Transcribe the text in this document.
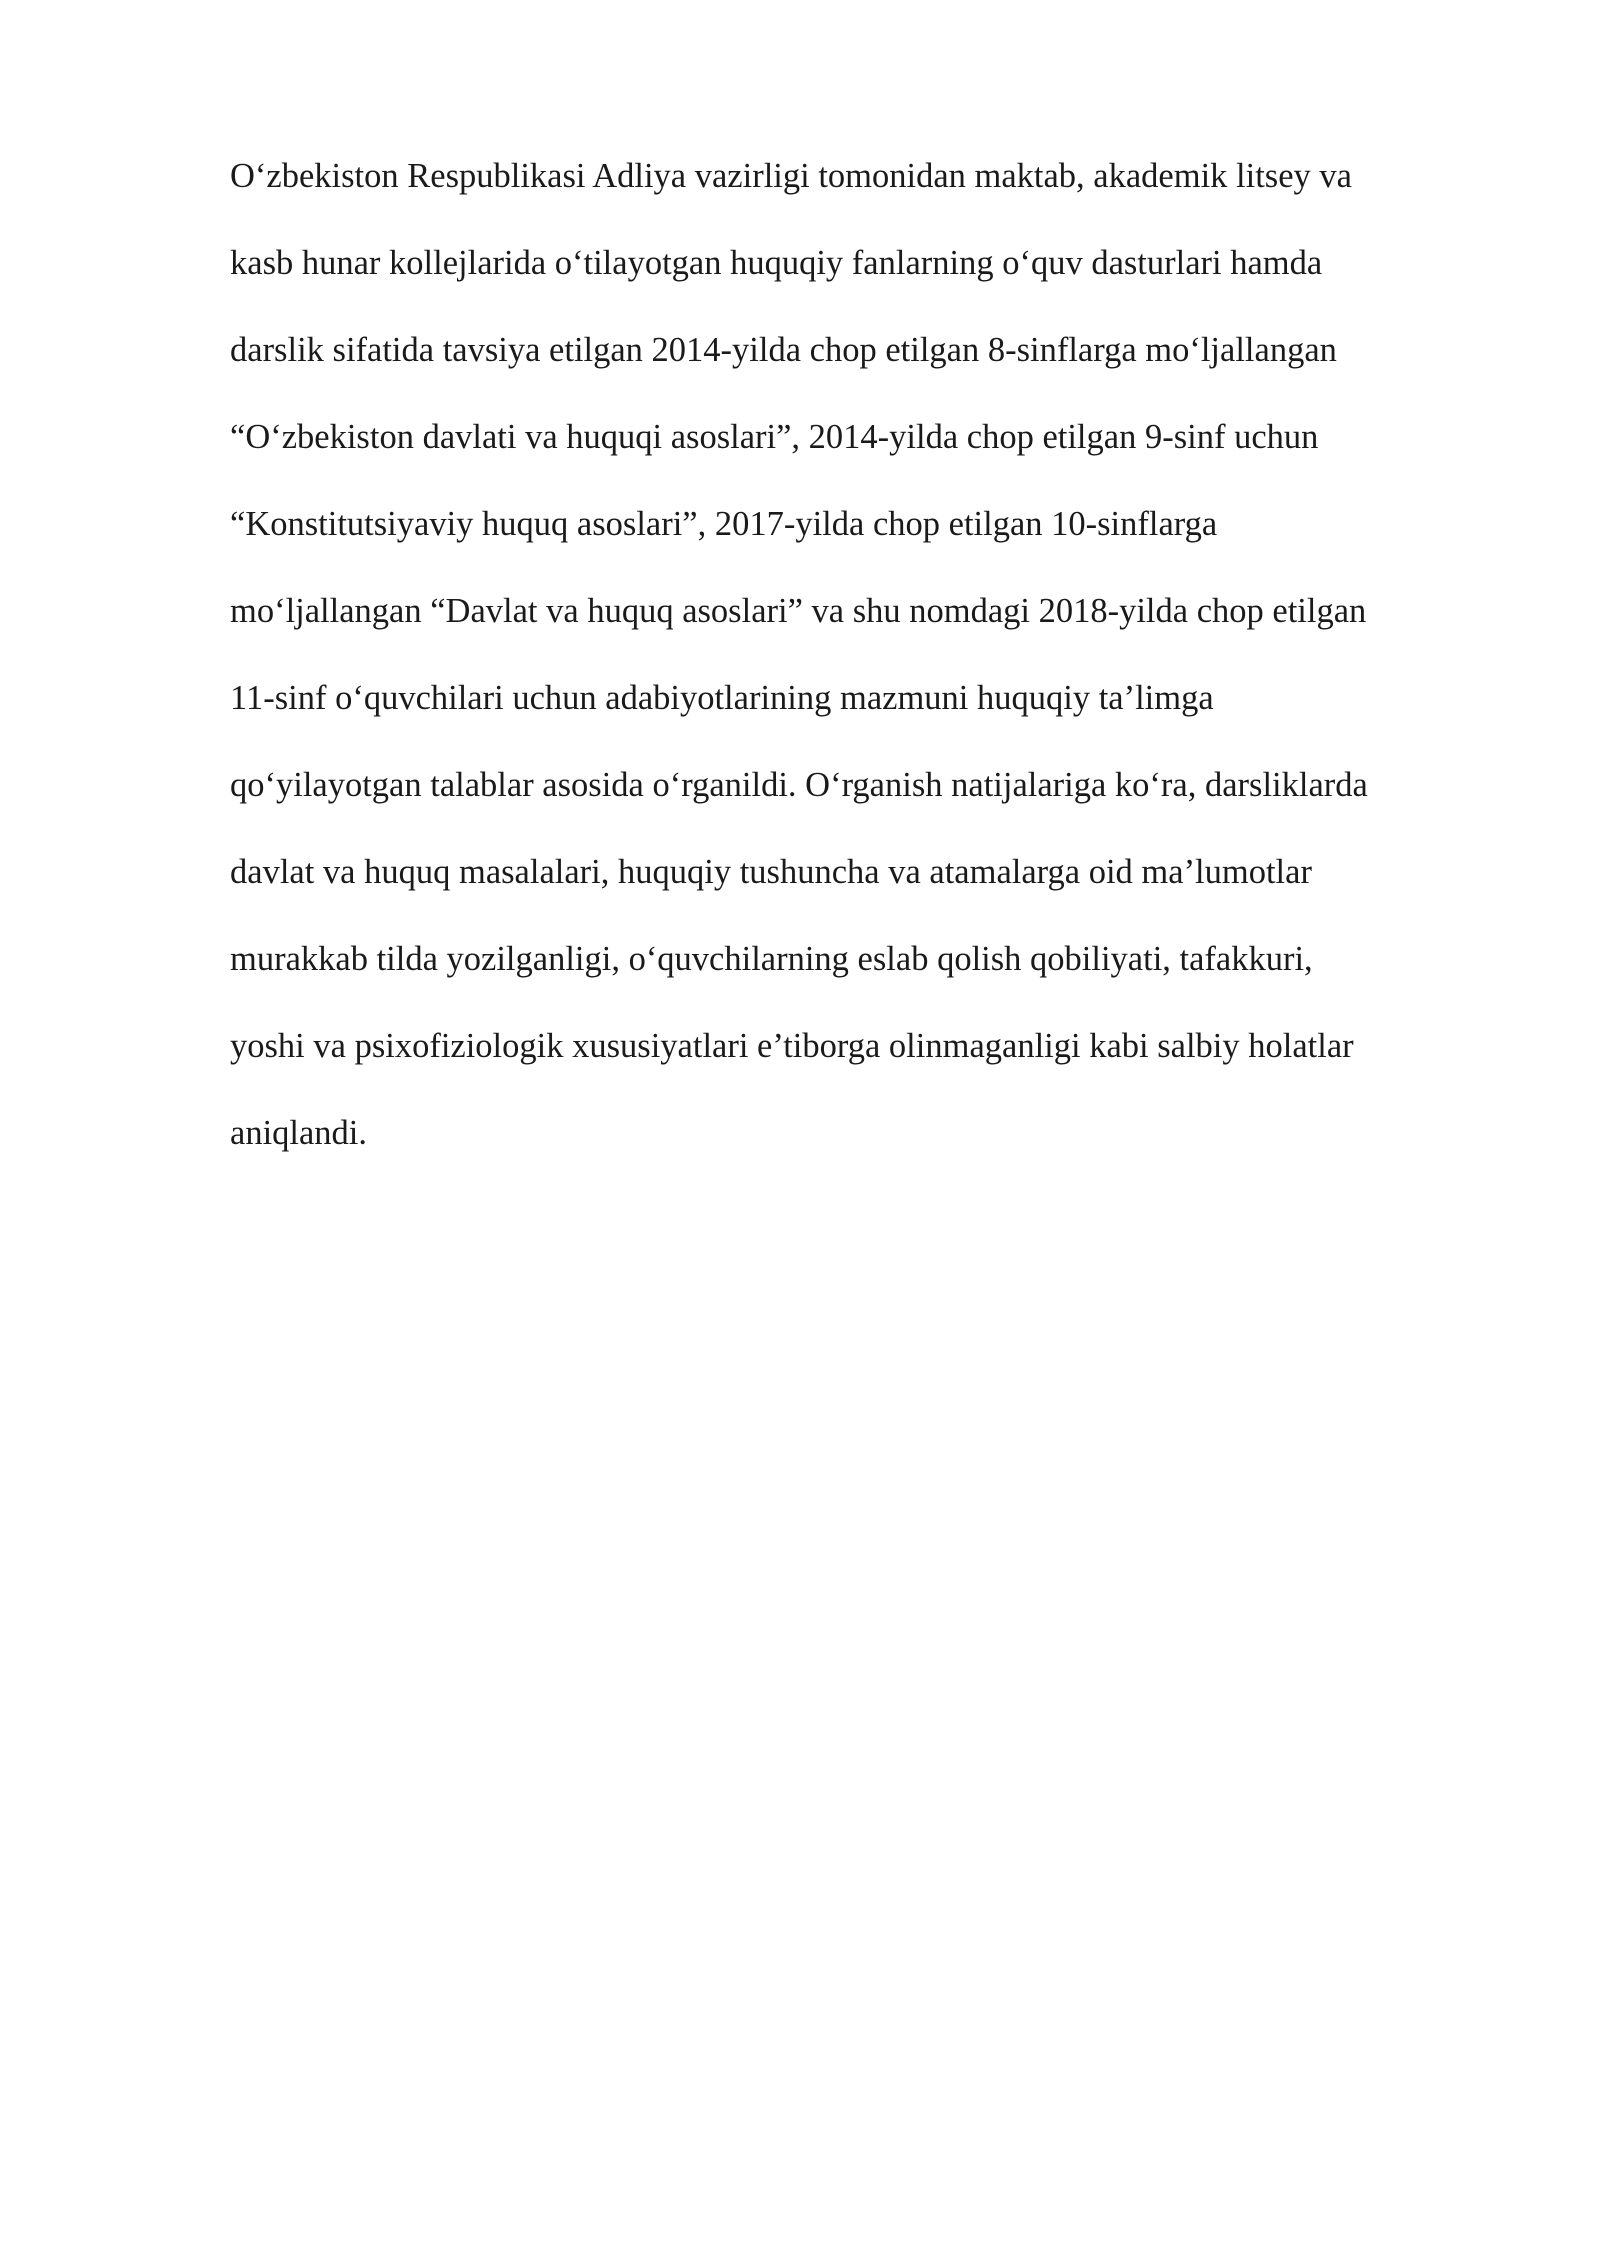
O‘zbekiston Respublikasi Adliya vazirligi tomonidan maktab, akademik litsey va
kasb hunar kollejlarida o‘tilayotgan huquqiy fanlarning o‘quv dasturlari hamda
darslik sifatida tavsiya etilgan 2014-yilda chop etilgan 8-sinflarga mo‘ljallangan
“O‘zbekiston davlati va huquqi asoslari”, 2014-yilda chop etilgan 9-sinf uchun
“Konstitutsiyaviy huquq asoslari”, 2017-yilda chop etilgan 10-sinflarga
mo‘ljallangan “Davlat va huquq asoslari” va shu nomdagi 2018-yilda chop etilgan
11-sinf o‘quvchilari uchun adabiyotlarining mazmuni huquqiy ta’limga
qo‘yilayotgan talablar asosida o‘rganildi. O‘rganish natijalariga ko‘ra, darsliklarda
davlat va huquq masalalari, huquqiy tushuncha va atamalarga oid ma’lumotlar
murakkab tilda yozilganligi, o‘quvchilarning eslab qolish qobiliyati, tafakkuri,
yoshi va psixofiziologik xususiyatlari e’tiborga olinmaganligi kabi salbiy holatlar
aniqlandi.
